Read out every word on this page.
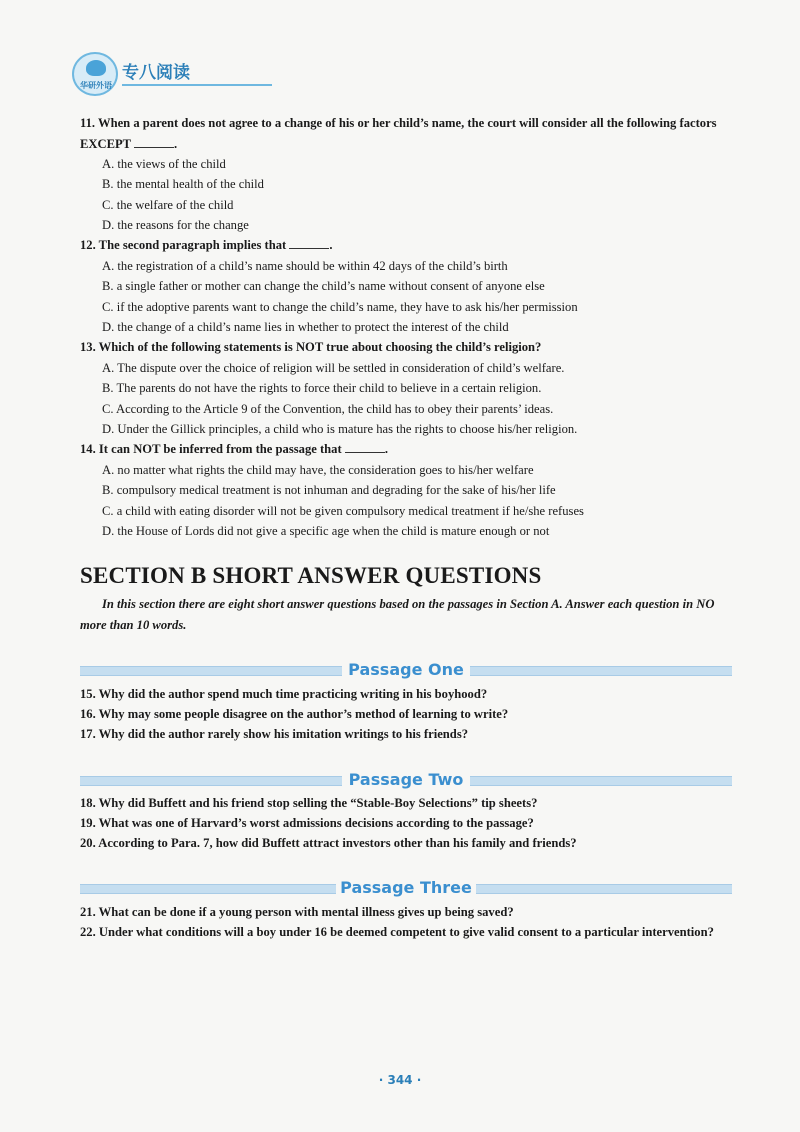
华研外语
专八阅读
11. When a parent does not agree to a change of his or her child’s name, the court will consider all the following factors EXCEPT	.
A. the views of the child
B. the mental health of the child
C. the welfare of the child
D. the reasons for the change
12. The second paragraph implies that	.
A. the registration of a child’s name should be within 42 days of the child’s birth
B. a single father or mother can change the child’s name without consent of anyone else
C. if the adoptive parents want to change the child’s name, they have to ask his/her permission
D. the change of a child’s name lies in whether to protect the interest of the child
13. Which of the following statements is NOT true about choosing the child’s religion?
A. The dispute over the choice of religion will be settled in consideration of child’s welfare.
B. The parents do not have the rights to force their child to believe in a certain religion.
C. According to the Article 9 of the Convention, the child has to obey their parents’ ideas.
D. Under the Gillick principles, a child who is mature has the rights to choose his/her religion.
14. It can NOT be inferred from the passage that	.
A. no matter what rights the child may have, the consideration goes to his/her welfare
B. compulsory medical treatment is not inhuman and degrading for the sake of his/her life
C. a child with eating disorder will not be given compulsory medical treatment if he/she refuses
D. the House of Lords did not give a specific age when the child is mature enough or not
SECTION B SHORT ANSWER QUESTIONS
In this section there are eight short answer questions based on the passages in Section A. Answer each question in NO more than 10 words.
Passage One
15. Why did the author spend much time practicing writing in his boyhood?
16. Why may some people disagree on the author’s method of learning to write?
17. Why did the author rarely show his imitation writings to his friends?
Passage Two
18. Why did Buffett and his friend stop selling the “Stable-Boy Selections” tip sheets?
19. What was one of Harvard’s worst admissions decisions according to the passage?
20. According to Para. 7, how did Buffett attract investors other than his family and friends?
Passage Three
21. What can be done if a young person with mental illness gives up being saved?
22. Under what conditions will a boy under 16 be deemed competent to give valid consent to a particular intervention?
· 344 ·
